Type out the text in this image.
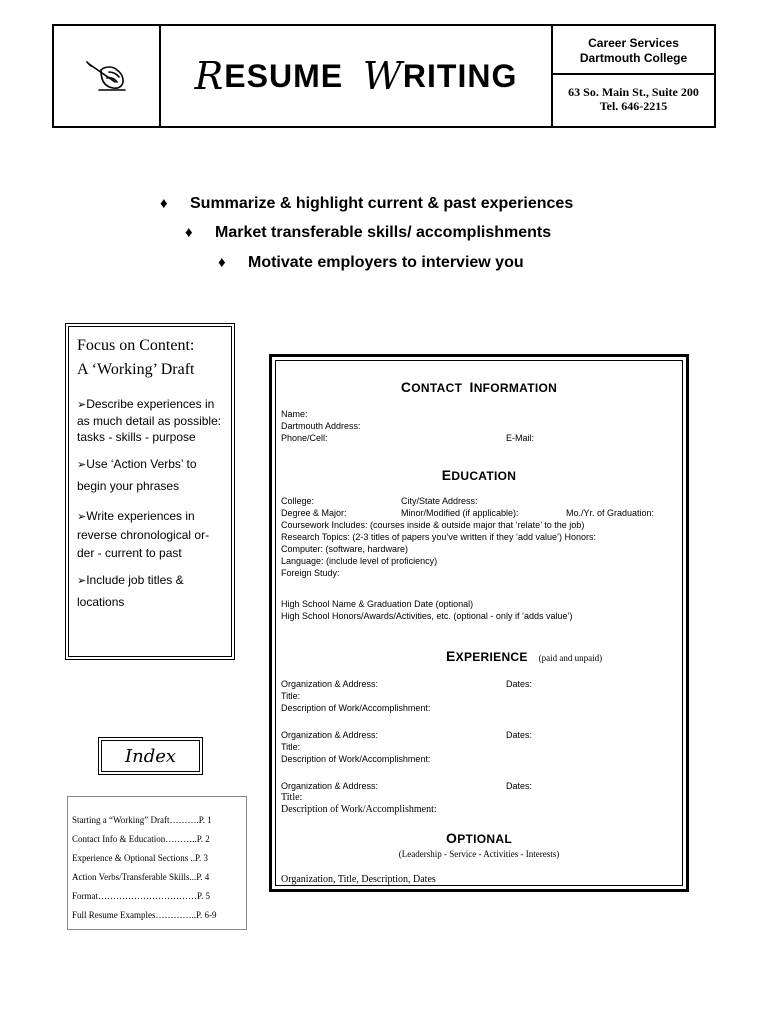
R ESUME
W RITING
Career Services
Dartmouth College
63 So. Main St., Suite 200
Tel. 646-2215
♦ Summarize & highlight current & past experiences
♦ Market transferable skills/ accomplishments
♦ Motivate employers to interview you
Focus on Content:
A ‘Working’ Draft
➢Describe experiences in
as much detail as possible:
tasks - skills - purpose
➢Use ‘Action Verbs’ to
begin your phrases
➢Write experiences in
reverse chronological or-
der - current to past
➢Include job titles &
locations
Index
Starting a “Working” Draft……….P. 1
Contact Info & Education………..P. 2
Experience & Optional Sections ..P. 3
Action Verbs/Transferable Skills...P. 4
Format……………………………P. 5
Full Resume Examples…………..P. 6-9
CONTACT  INFORMATION
Name:
Dartmouth Address:
Phone/Cell:	E-Mail:
EDUCATION
College:	City/State Address:
Degree & Major:	Minor/Modified (if applicable):	Mo./Yr. of Graduation:
Coursework Includes: (courses inside & outside major that ‘relate’ to the job)
Research Topics: (2-3 titles of papers you’ve written if they ‘add value’) Honors:
Computer: (software, hardware)
Language: (include level of proficiency)
Foreign Study:
High School Name & Graduation Date (optional)
High School Honors/Awards/Activities, etc. (optional - only if ‘adds value’)
EXPERIENCE (paid and unpaid)
Organization & Address:	Dates:
Title:
Description of Work/Accomplishment:
Organization & Address:	Dates:
Title:
Description of Work/Accomplishment:
Organization & Address:	Dates:
Title:
Description of Work/Accomplishment:
OPTIONAL
(Leadership - Service - Activities - Interests)
Organization, Title, Description, Dates
